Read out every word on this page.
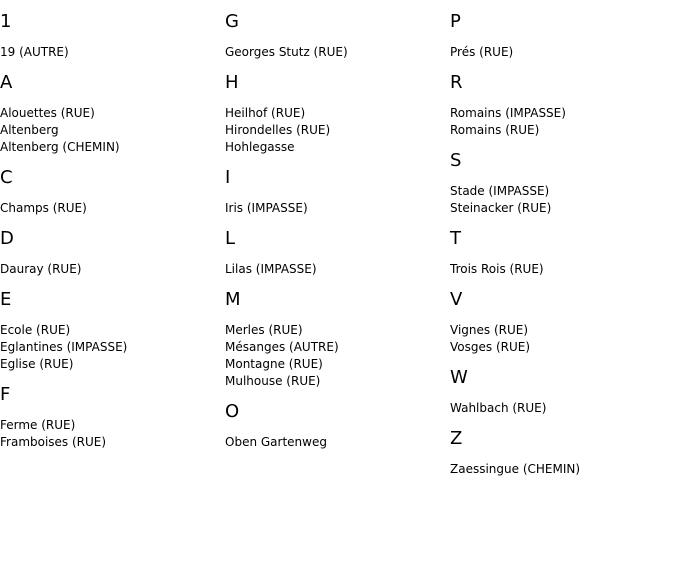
1
19 (AUTRE)
A
Alouettes (RUE)
Altenberg
Altenberg (CHEMIN)
C
Champs (RUE)
D
Dauray (RUE)
E
Ecole (RUE)
Eglantines (IMPASSE)
Eglise (RUE)
F
Ferme (RUE)
Framboises (RUE)
G
Georges Stutz (RUE)
H
Heilhof (RUE)
Hirondelles (RUE)
Hohlegasse
I
Iris (IMPASSE)
L
Lilas (IMPASSE)
M
Merles (RUE)
Mésanges (AUTRE)
Montagne (RUE)
Mulhouse (RUE)
O
Oben Gartenweg
P
Prés (RUE)
R
Romains (IMPASSE)
Romains (RUE)
S
Stade (IMPASSE)
Steinacker (RUE)
T
Trois Rois (RUE)
V
Vignes (RUE)
Vosges (RUE)
W
Wahlbach (RUE)
Z
Zaessingue (CHEMIN)
